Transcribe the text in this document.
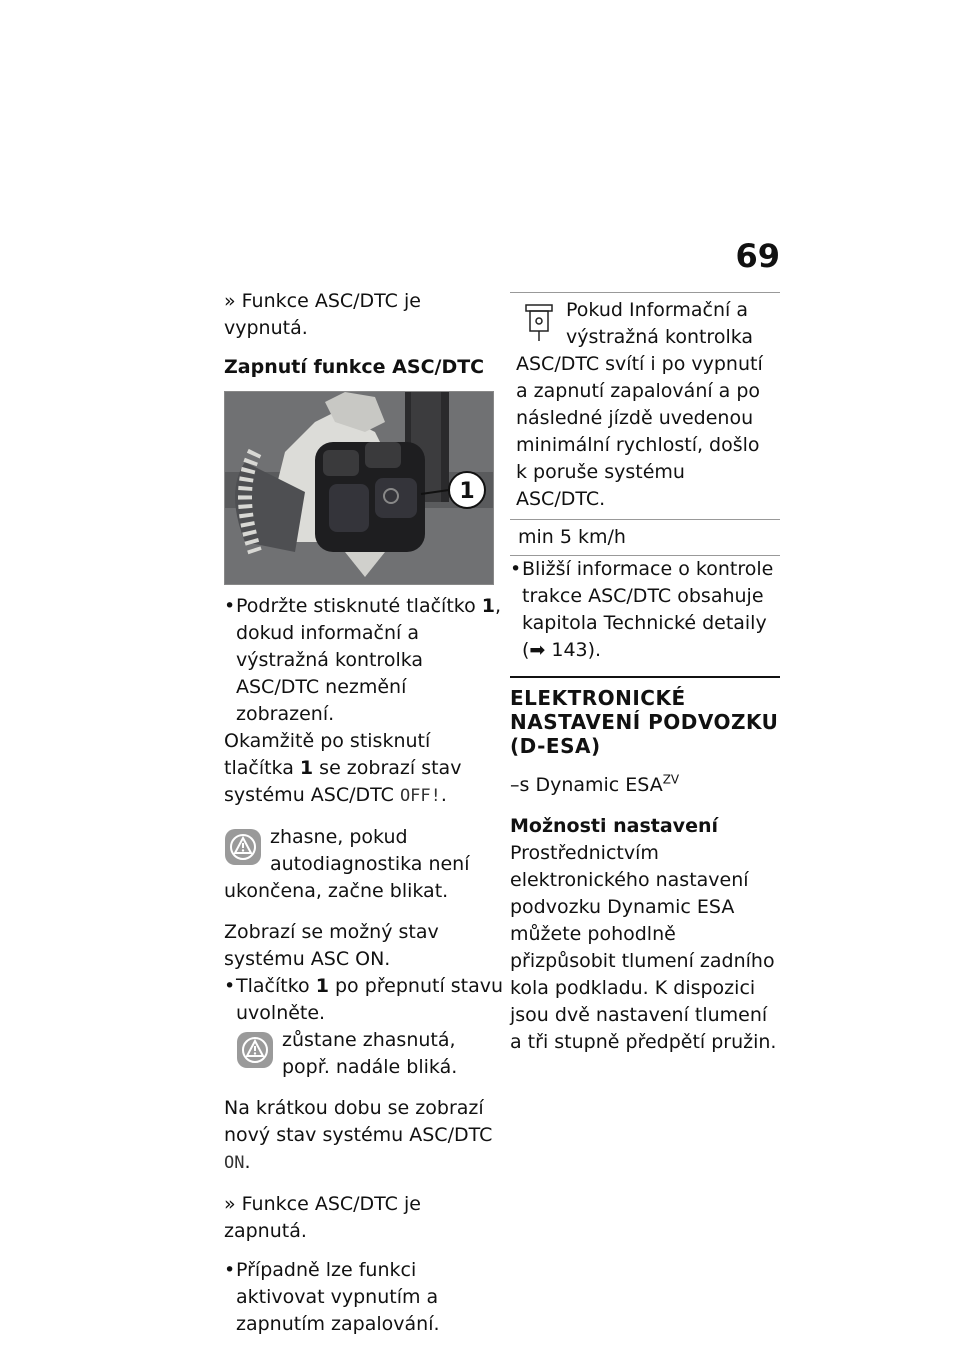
69

» Funkce ASC/DTC je vypnutá.

Zapnutí funkce ASC/DTC

1

• Podržte stisknuté tlačítko 1, dokud informační a výstražná kontrolka ASC/DTC nezmění zobrazení.

Okamžitě po stisknutí tlačítka 1 se zobrazí stav systému ASC/DTC OFF!.

zhasne, pokud autodiagnostika není ukončena, začne blikat.

Zobrazí se možný stav systému ASC ON.

• Tlačítko 1 po přepnutí stavu uvolněte.

zůstane zhasnutá, popř. nadále bliká.

Na krátkou dobu se zobrazí nový stav systému ASC/DTC ON.

» Funkce ASC/DTC je zapnutá.

• Případně lze funkci aktivovat vypnutím a zapnutím zapalování.

Pokud Informační a výstražná kontrolka ASC/DTC svítí i po vypnutí a zapnutí zapalování a po následné jízdě uvedenou minimální rychlostí, došlo k poruše systému ASC/DTC.

min 5 km/h

• Bližší informace o kontrole trakce ASC/DTC obsahuje kapitola Technické detaily (➡ 143).

ELEKTRONICKÉ NASTAVENÍ PODVOZKU (D-ESA)

–s Dynamic $ESA^{ZV}$

Možnosti nastavení

Prostřednictvím elektronického nastavení podvozku Dynamic ESA můžete pohodlně přizpůsobit tlumení zadního kola podkladu. K dispozici jsou dvě nastavení tlumení a tři stupně předpětí pružin.
